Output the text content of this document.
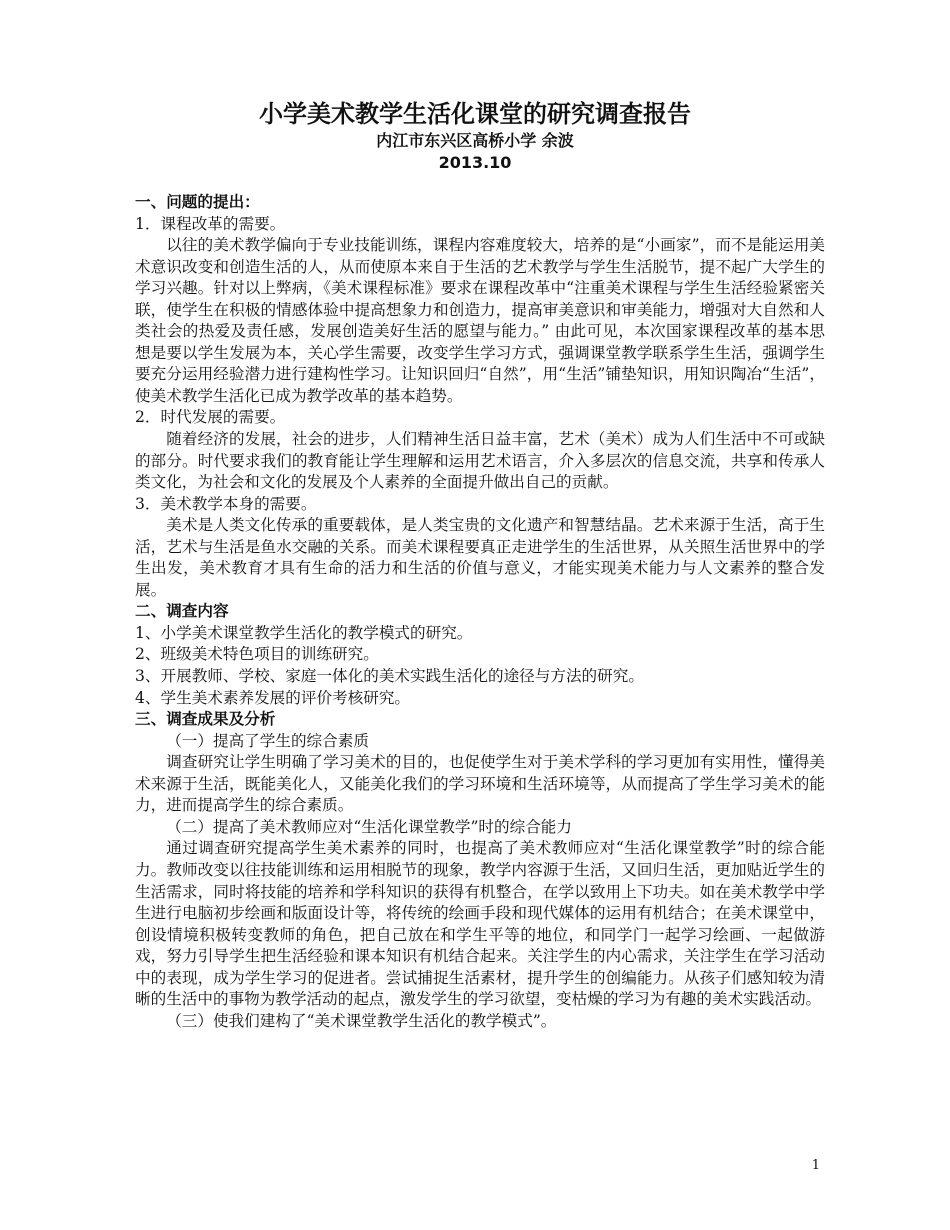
小学美术教学生活化课堂的研究调查报告
内江市东兴区高桥小学 余波
2013.10

一、问题的提出：

1．课程改革的需要。

以往的美术教学偏向于专业技能训练，课程内容难度较大，培养的是“小画家”，而不是能运用美术意识改变和创造生活的人，从而使原本来自于生活的艺术教学与学生生活脱节，提不起广大学生的学习兴趣。针对以上弊病，《美术课程标准》要求在课程改革中“注重美术课程与学生生活经验紧密关联，使学生在积极的情感体验中提高想象力和创造力，提高审美意识和审美能力，增强对大自然和人类社会的热爱及责任感，发展创造美好生活的愿望与能力。” 由此可见，本次国家课程改革的基本思想是要以学生发展为本，关心学生需要，改变学生学习方式，强调课堂教学联系学生生活，强调学生要充分运用经验潜力进行建构性学习。让知识回归“自然”，用“生活”铺垫知识，用知识陶冶“生活”，使美术教学生活化已成为教学改革的基本趋势。

2．时代发展的需要。

随着经济的发展，社会的进步，人们精神生活日益丰富，艺术（美术）成为人们生活中不可或缺的部分。时代要求我们的教育能让学生理解和运用艺术语言，介入多层次的信息交流，共享和传承人类文化，为社会和文化的发展及个人素养的全面提升做出自己的贡献。

3．美术教学本身的需要。

美术是人类文化传承的重要载体，是人类宝贵的文化遗产和智慧结晶。艺术来源于生活，高于生活，艺术与生活是鱼水交融的关系。而美术课程要真正走进学生的生活世界，从关照生活世界中的学生出发，美术教育才具有生命的活力和生活的价值与意义，才能实现美术能力与人文素养的整合发展。

二、调查内容

1、小学美术课堂教学生活化的教学模式的研究。

2、班级美术特色项目的训练研究。

3、开展教师、学校、家庭一体化的美术实践生活化的途径与方法的研究。

4、学生美术素养发展的评价考核研究。

三、调查成果及分析

（一）提高了学生的综合素质

调查研究让学生明确了学习美术的目的，也促使学生对于美术学科的学习更加有实用性，懂得美术来源于生活，既能美化人，又能美化我们的学习环境和生活环境等，从而提高了学生学习美术的能力，进而提高学生的综合素质。

（二）提高了美术教师应对“生活化课堂教学”时的综合能力

通过调查研究提高学生美术素养的同时，也提高了美术教师应对“生活化课堂教学”时的综合能力。教师改变以往技能训练和运用相脱节的现象，教学内容源于生活，又回归生活，更加贴近学生的生活需求，同时将技能的培养和学科知识的获得有机整合，在学以致用上下功夫。如在美术教学中学生进行电脑初步绘画和版面设计等，将传统的绘画手段和现代媒体的运用有机结合；在美术课堂中，创设情境积极转变教师的角色，把自己放在和学生平等的地位，和同学门一起学习绘画、一起做游戏，努力引导学生把生活经验和课本知识有机结合起来。关注学生的内心需求，关注学生在学习活动中的表现，成为学生学习的促进者。尝试捕捉生活素材，提升学生的创编能力。从孩子们感知较为清晰的生活中的事物为教学活动的起点，激发学生的学习欲望，变枯燥的学习为有趣的美术实践活动。

（三）使我们建构了“美术课堂教学生活化的教学模式”。

1
